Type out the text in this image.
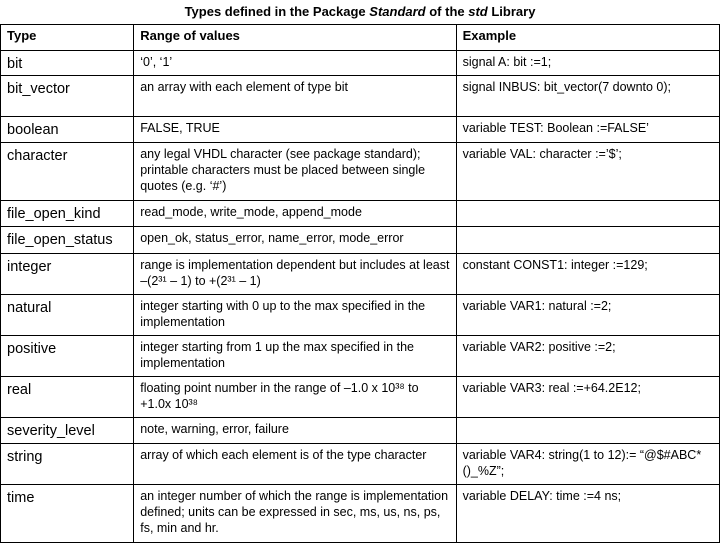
Types defined in the Package Standard of the std Library
Type	Range of values	Example
bit	‘0’, ‘1’	signal A: bit :=1;
bit_vector	an array with each element of type bit	signal INBUS: bit_vector(7 downto 0);
boolean	FALSE, TRUE	variable TEST: Boolean :=FALSE’
character	any legal VHDL character (see package standard); printable characters must be placed between single quotes (e.g. ‘#’)	variable VAL: character :=’$’;
file_open_kind	read_mode, write_mode, append_mode	
file_open_status	open_ok, status_error, name_error, mode_error	
integer	range is implementation dependent but includes at least –(2³¹ – 1) to +(2³¹ – 1)	constant CONST1: integer :=129;
natural	integer starting with 0 up to the max specified in the implementation	variable VAR1: natural :=2;
positive	integer starting from 1 up the max specified in the implementation	variable VAR2: positive :=2;
real	floating point number in the range of –1.0 x 10³⁸ to +1.0x 10³⁸	variable VAR3: real :=+64.2E12;
severity_level	note, warning, error, failure	
string	array of which each element is of the type character	variable VAR4: string(1 to 12):= “@$#ABC*()_%Z”;
time	an integer number of which the range is implementation defined; units can be expressed in sec, ms, us, ns, ps, fs, min and hr.	variable DELAY: time :=4 ns;
